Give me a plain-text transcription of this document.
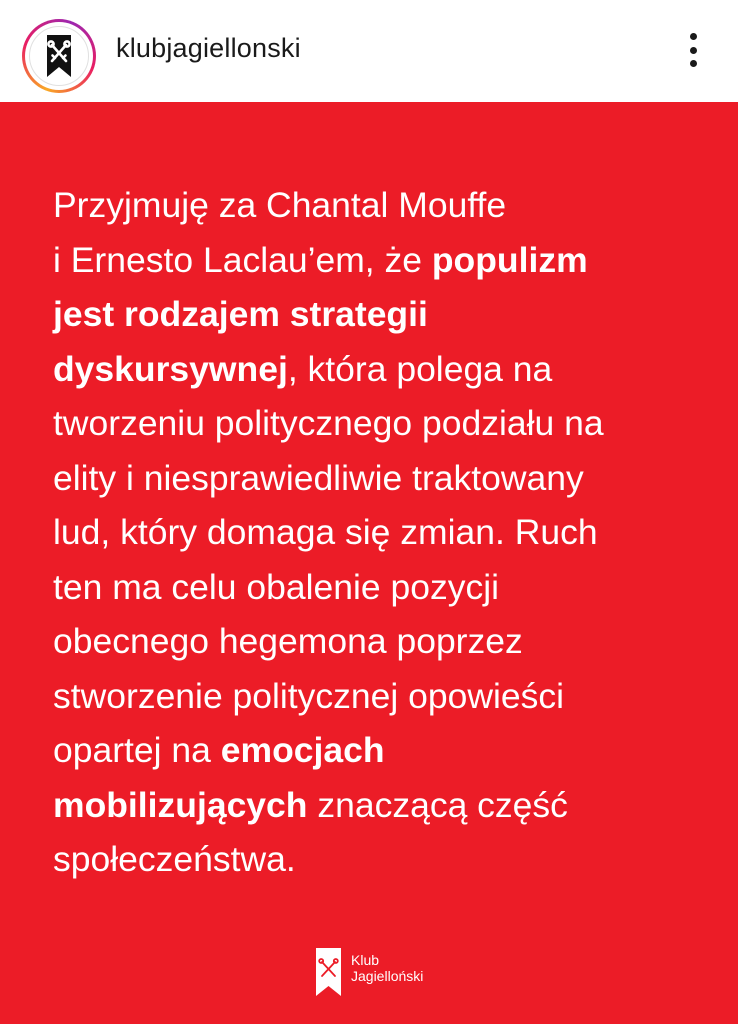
klubjagiellonski

Przyjmuję za Chantal Mouffe
i Ernesto Laclau’em, że populizm
jest rodzajem strategii
dyskursywnej, która polega na
tworzeniu politycznego podziału na
elity i niesprawiedliwie traktowany
lud, który domaga się zmian. Ruch
ten ma celu obalenie pozycji
obecnego hegemona poprzez
stworzenie politycznej opowieści
opartej na emocjach
mobilizujących znaczącą część
społeczeństwa.

Klub
Jagielloński
